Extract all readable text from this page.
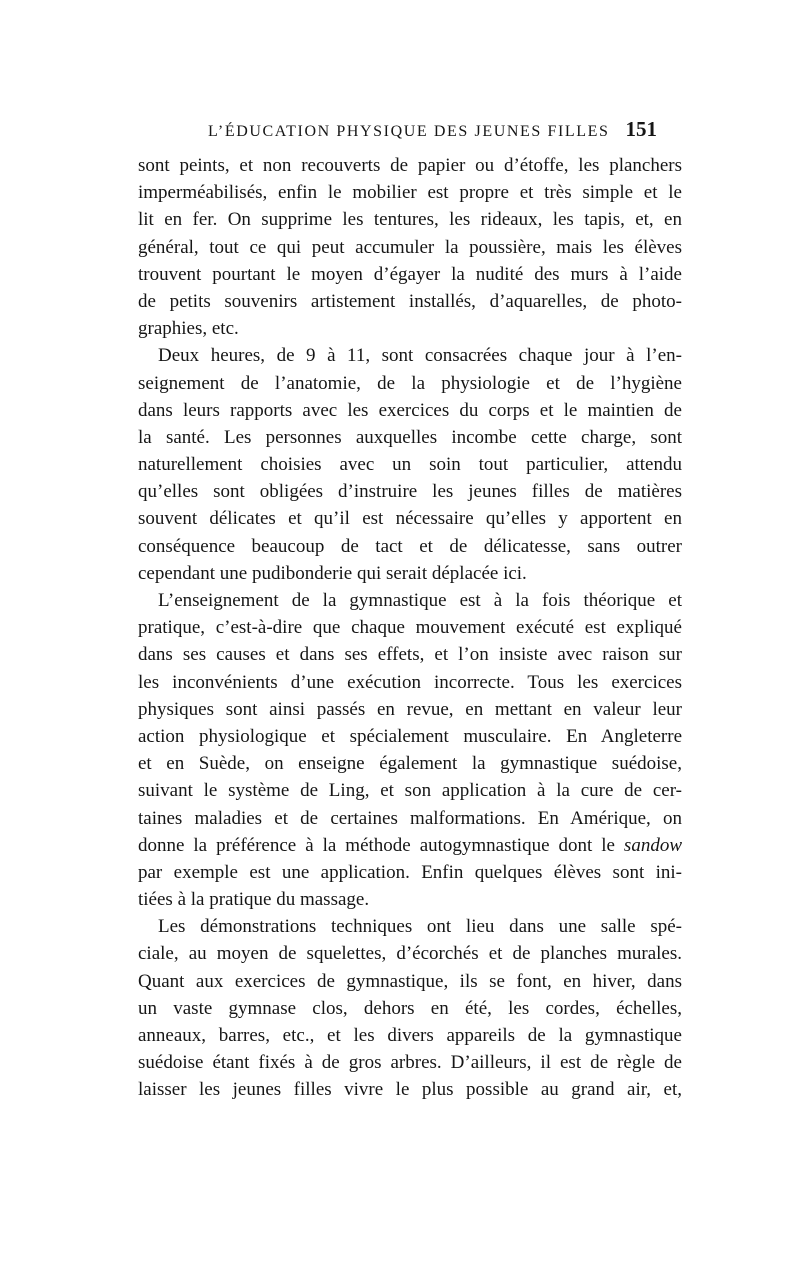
L’ÉDUCATION PHYSIQUE DES JEUNES FILLES 151
sont peints, et non recouverts de papier ou d’étoffe, les planchers
imperméabilisés, enfin le mobilier est propre et très simple et le
lit en fer. On supprime les tentures, les rideaux, les tapis, et, en
général, tout ce qui peut accumuler la poussière, mais les élèves
trouvent pourtant le moyen d’égayer la nudité des murs à l’aide
de petits souvenirs artistement installés, d’aquarelles, de photo-
graphies, etc.
Deux heures, de 9 à 11, sont consacrées chaque jour à l’en-
seignement de l’anatomie, de la physiologie et de l’hygiène
dans leurs rapports avec les exercices du corps et le maintien de
la santé. Les personnes auxquelles incombe cette charge, sont
naturellement choisies avec un soin tout particulier, attendu
qu’elles sont obligées d’instruire les jeunes filles de matières
souvent délicates et qu’il est nécessaire qu’elles y apportent en
conséquence beaucoup de tact et de délicatesse, sans outrer
cependant une pudibonderie qui serait déplacée ici.
L’enseignement de la gymnastique est à la fois théorique et
pratique, c’est-à-dire que chaque mouvement exécuté est expliqué
dans ses causes et dans ses effets, et l’on insiste avec raison sur
les inconvénients d’une exécution incorrecte. Tous les exercices
physiques sont ainsi passés en revue, en mettant en valeur leur
action physiologique et spécialement musculaire. En Angleterre
et en Suède, on enseigne également la gymnastique suédoise,
suivant le système de Ling, et son application à la cure de cer-
taines maladies et de certaines malformations. En Amérique, on
donne la préférence à la méthode autogymnastique dont le sandow
par exemple est une application. Enfin quelques élèves sont ini-
tiées à la pratique du massage.
Les démonstrations techniques ont lieu dans une salle spé-
ciale, au moyen de squelettes, d’écorchés et de planches murales.
Quant aux exercices de gymnastique, ils se font, en hiver, dans
un vaste gymnase clos, dehors en été, les cordes, échelles,
anneaux, barres, etc., et les divers appareils de la gymnastique
suédoise étant fixés à de gros arbres. D’ailleurs, il est de règle de
laisser les jeunes filles vivre le plus possible au grand air, et,
